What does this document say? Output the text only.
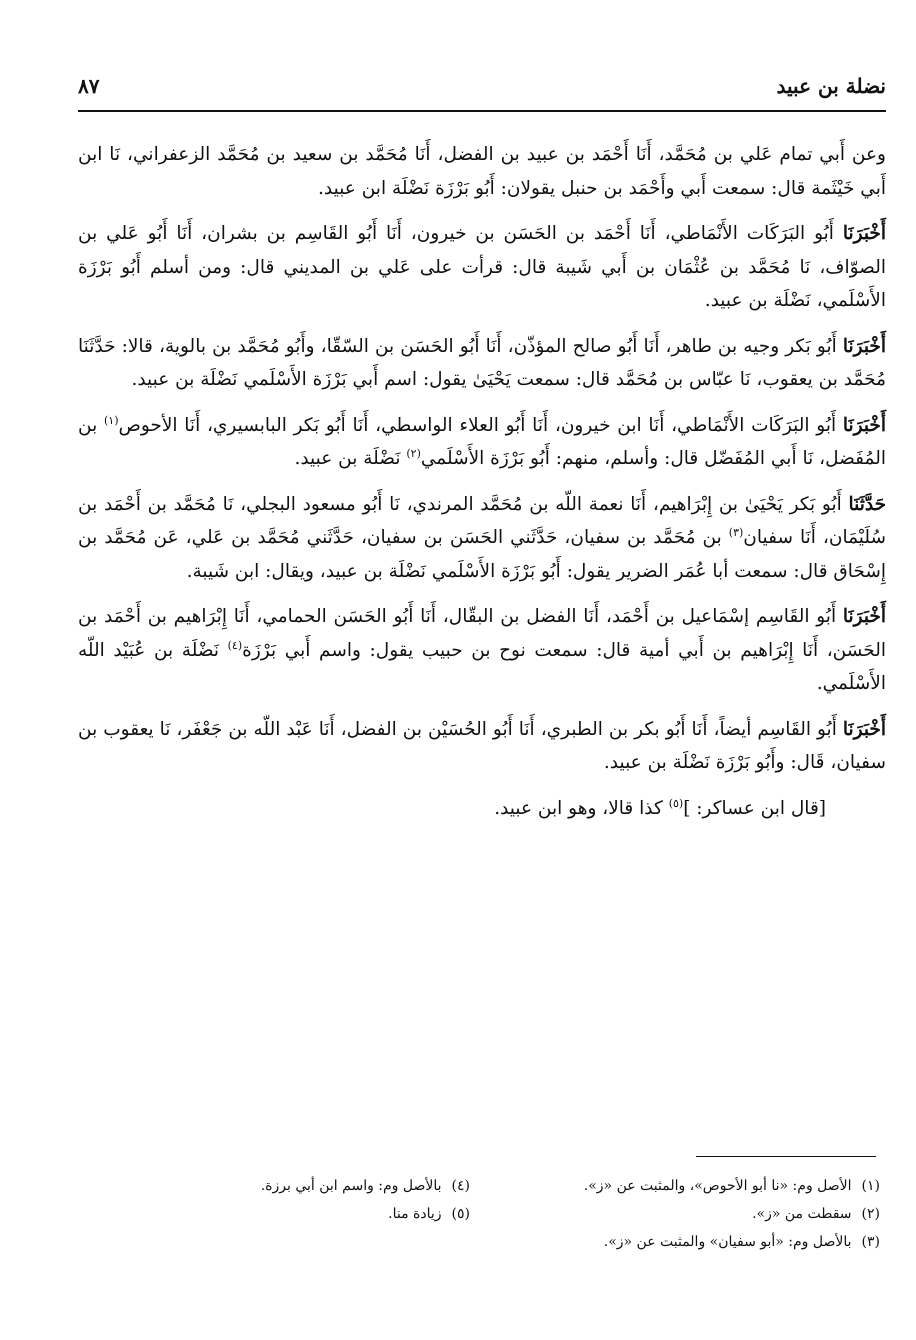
نضلة بن عبيد
٨٧

وعن أَبي تمام عَلي بن مُحَمَّد، أَنَا أَحْمَد بن عبيد بن الفضل، أَنَا مُحَمَّد بن سعيد بن مُحَمَّد الزعفراني، نَا ابن أَبي خَيْثَمة قال: سمعت أَبي وأَحْمَد بن حنبل يقولان: أَبُو بَرْزَة نَضْلَة ابن عبيد.

أَخْبَرَنَا أَبُو البَرَكَات الأَنْمَاطي، أَنَا أَحْمَد بن الحَسَن بن خيرون، أَنَا أَبُو القَاسِم بن بشران، أَنَا أَبُو عَلي بن الصوّاف، نَا مُحَمَّد بن عُثْمَان بن أَبي شَيبة قال: قرأت على عَلي بن المديني قال: ومن أسلم أَبُو بَرْزَة الأَسْلَمي، نَضْلَة بن عبيد.

أَخْبَرَنَا أَبُو بَكر وجيه بن طاهر، أَنَا أَبُو صالح المؤذّن، أَنَا أَبُو الحَسَن بن السّقّا، وأَبُو مُحَمَّد بن بالوية، قالا: حَدَّثَنَا مُحَمَّد بن يعقوب، نَا عبّاس بن مُحَمَّد قال: سمعت يَحْيَىٰ يقول: اسم أَبي بَرْزَة الأَسْلَمي نَضْلَة بن عبيد.

أَخْبَرَنَا أَبُو البَرَكَات الأَنْمَاطي، أَنَا ابن خيرون، أَنَا أَبُو العلاء الواسطي، أَنَا أَبُو بَكر البابسيري، أَنَا الأحوص$^{(١)}$ بن المُفَضل، نَا أَبي المُفَضّل قال: وأسلم، منهم: أَبُو بَرْزَة الأَسْلَمي$^{(٢)}$ نَضْلَة بن عبيد.

حَدَّثَنَا أَبُو بَكر يَحْيَىٰ بن إِبْرَاهيم، أَنَا نعمة اللّه بن مُحَمَّد المرندي، نَا أَبُو مسعود البجلي، نَا مُحَمَّد بن أَحْمَد بن سُلَيْمَان، أَنَا سفيان$^{(٣)}$ بن مُحَمَّد بن سفيان، حَدَّثَني الحَسَن بن سفيان، حَدَّثَني مُحَمَّد بن عَلي، عَن مُحَمَّد بن إِسْحَاق قال: سمعت أبا عُمَر الضرير يقول: أَبُو بَرْزَة الأَسْلَمي نَضْلَة بن عبيد، ويقال: ابن شَيبة.

أَخْبَرَنَا أَبُو القَاسِم إسْمَاعيل بن أَحْمَد، أَنَا الفضل بن البقّال، أَنَا أَبُو الحَسَن الحمامي، أَنَا إِبْرَاهيم بن أَحْمَد بن الحَسَن، أَنَا إِبْرَاهيم بن أَبي أمية قال: سمعت نوح بن حبيب يقول: واسم أَبي بَرْزَة$^{(٤)}$ نَضْلَة بن عُبَيْد اللّه الأَسْلَمي.

أَخْبَرَنَا أَبُو القَاسِم أيضاً، أَنَا أَبُو بكر بن الطبري، أَنَا أَبُو الحُسَيْن بن الفضل، أَنَا عَبْد اللّه بن جَعْفَر، نَا يعقوب بن سفيان، قَال: وأَبُو بَرْزَة نَضْلَة بن عبيد.

[قال ابن عساكر: ]$^{(٥)}$ كذا قالا، وهو ابن عبيد.

(١)الأصل وم: «نا أبو الأحوص»، والمثبت عن «ز».
(٢)سقطت من «ز».
(٣)بالأصل وم: «أبو سفيان» والمثبت عن «ز».
(٤)بالأصل وم: واسم ابن أبي برزة.
(٥)زيادة منا.
